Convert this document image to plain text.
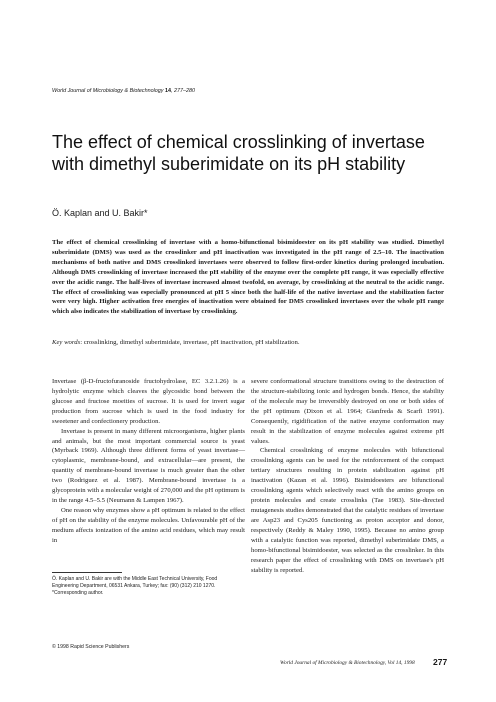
World Journal of Microbiology & Biotechnology 14, 277–280
The effect of chemical crosslinking of invertase with dimethyl suberimidate on its pH stability
Ö. Kaplan and U. Bakir*

The effect of chemical crosslinking of invertase with a homo-bifunctional bisimidoester on its pH stability was studied. Dimethyl suberimidate (DMS) was used as the crosslinker and pH inactivation was investigated in the pH range of 2.5–10. The inactivation mechanisms of both native and DMS crosslinked invertases were observed to follow first-order kinetics during prolonged incubation. Although DMS crosslinking of invertase increased the pH stability of the enzyme over the complete pH range, it was especially effective over the acidic range. The half-lives of invertase increased almost twofold, on average, by crosslinking at the neutral to the acidic range. The effect of crosslinking was especially pronounced at pH 5 since both the half-life of the native invertase and the stabilization factor were very high. Higher activation free energies of inactivation were obtained for DMS crosslinked invertases over the whole pH range which also indicates the stabilization of invertase by crosslinking.

Key words: crosslinking, dimethyl suberimidate, invertase, pH inactivation, pH stabilization.

Invertase (β-D-fructofuranoside fructohydrolase, EC 3.2.1.26) is a hydrolytic enzyme which cleaves the glycosidic bond between the glucose and fructose moeities of sucrose. It is used for invert sugar production from sucrose which is used in the food industry for sweetener and confectionery production.

Invertase is present in many different microorganisms, higher plants and animals, but the most important commercial source is yeast (Myrback 1969). Although three different forms of yeast invertase—cytoplasmic, membrane-bound, and extracellular—are present, the quantity of membrane-bound invertase is much greater than the other two (Rodriguez et al. 1987). Membrane-bound invertase is a glycoprotein with a molecular weight of 270,000 and the pH optimum is in the range 4.5–5.5 (Neumann & Lampen 1967).

One reason why enzymes show a pH optimum is related to the effect of pH on the stability of the enzyme molecules. Unfavourable pH of the medium affects ionization of the amino acid residues, which may result in

severe conformational structure transitions owing to the destruction of the structure-stabilizing ionic and hydrogen bonds. Hence, the stability of the molecule may be irreversibly destroyed on one or both sides of the pH optimum (Dixon et al. 1964; Gianfreda & Scarfi 1991). Consequently, rigidification of the native enzyme conformation may result in the stabilization of enzyme molecules against extreme pH values.

Chemical crosslinking of enzyme molecules with bifunctional crosslinking agents can be used for the reinforcement of the compact tertiary structures resulting in protein stabilization against pH inactivation (Kazan et al. 1996). Bisimidoesters are bifunctional crosslinking agents which selectively react with the amino groups on protein molecules and create crosslinks (Tae 1983). Site-directed mutagenesis studies demonstrated that the catalytic residues of invertase are Asp23 and Cys205 functioning as proton acceptor and donor, respectively (Reddy & Maley 1990, 1995). Because no amino group with a catalytic function was reported, dimethyl suberimidate DMS, a homo-bifunctional bisimidoester, was selected as the crosslinker. In this research paper the effect of crosslinking with DMS on invertase's pH stability is reported.

Ö. Kaplan and U. Bakir are with the Middle East Technical University, Food Engineering Department, 06531 Ankara, Turkey; fax: (90) (312) 210 1270. *Corresponding author.

© 1998 Rapid Science Publishers
World Journal of Microbiology & Biotechnology, Vol 14, 1998 277
